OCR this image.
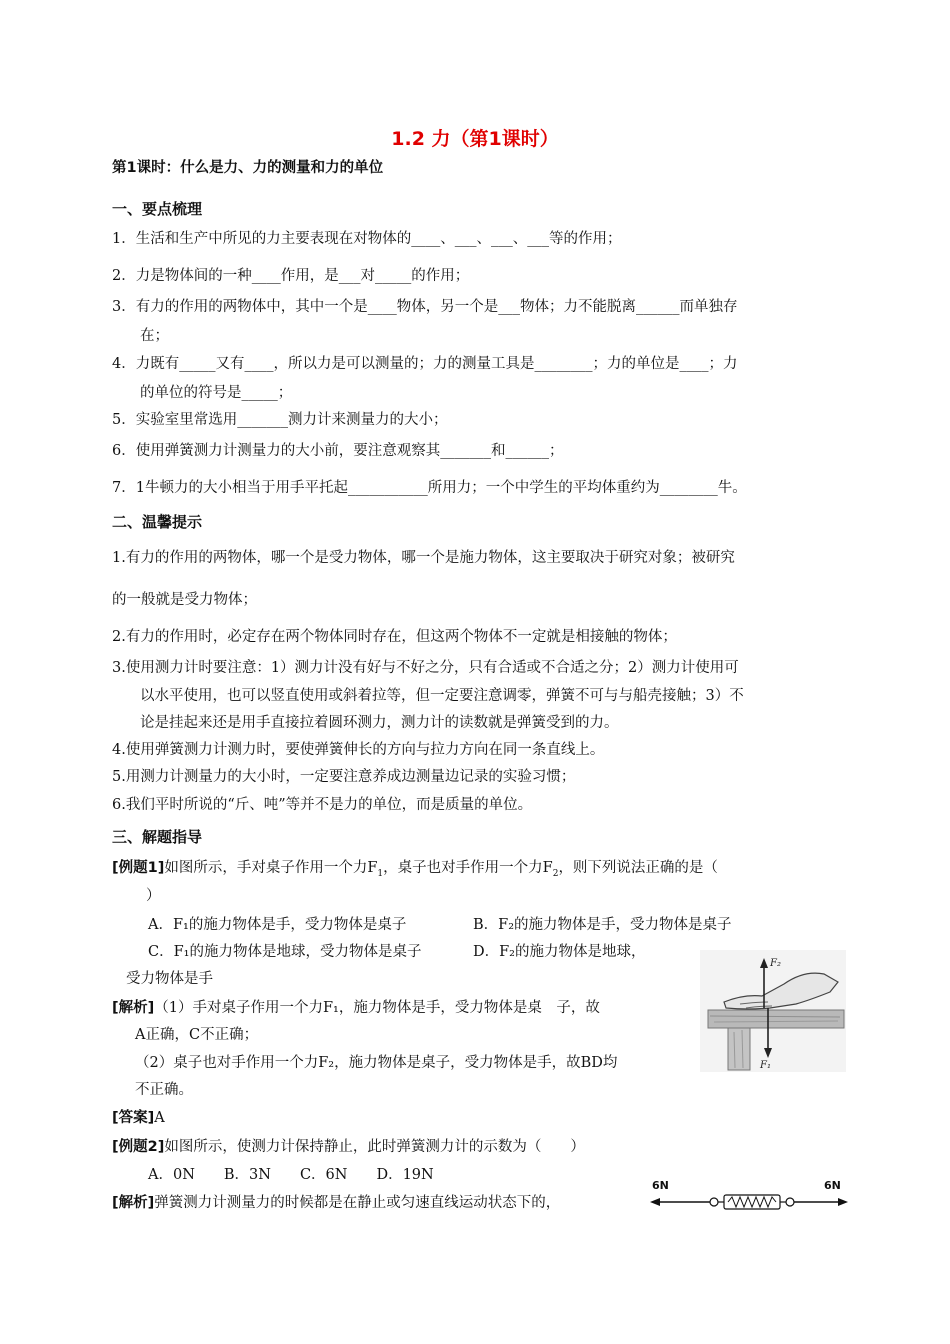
1.2 力（第1课时）
第1课时：什么是力、力的测量和力的单位
一、要点梳理
1．生活和生产中所见的力主要表现在对物体的____、___、___、___等的作用；
2．力是物体间的一种____作用，是___对_____的作用；
3．有力的作用的两物体中，其中一个是____物体，另一个是___物体；力不能脱离______而单独存
在；
4．力既有_____又有____，所以力是可以测量的；力的测量工具是________；力的单位是____；力
的单位的符号是_____；
5．实验室里常选用_______测力计来测量力的大小；
6．使用弹簧测力计测量力的大小前，要注意观察其_______和______；
7．1牛顿力的大小相当于用手平托起___________所用力；一个中学生的平均体重约为________牛。
二、温馨提示
1.有力的作用的两物体，哪一个是受力物体，哪一个是施力物体，这主要取决于研究对象；被研究
的一般就是受力物体；
2.有力的作用时，必定存在两个物体同时存在，但这两个物体不一定就是相接触的物体；
3.使用测力计时要注意：1）测力计没有好与不好之分，只有合适或不合适之分；2）测力计使用可
以水平使用，也可以竖直使用或斜着拉等，但一定要注意调零，弹簧不可与与船壳接触；3）不
论是挂起来还是用手直接拉着圆环测力，测力计的读数就是弹簧受到的力。
4.使用弹簧测力计测力时，要使弹簧伸长的方向与拉力方向在同一条直线上。
5.用测力计测量力的大小时，一定要注意养成边测量边记录的实验习惯；
6.我们平时所说的“斤、吨”等并不是力的单位，而是质量的单位。
三、解题指导
[例题1]如图所示，手对桌子作用一个力$F_1$，桌子也对手作用一个力$F_2$，则下列说法正确的是（
）
A．F₁的施力物体是手，受力物体是桌子	B．F₂的施力物体是手，受力物体是桌子
C．F₁的施力物体是地球，受力物体是桌子	D．F₂的施力物体是地球，
受力物体是手
[解析]（1）手对桌子作用一个力F₁，施力物体是手，受力物体是桌　子，故
A正确，C不正确；
（2）桌子也对手作用一个力F₂，施力物体是桌子，受力物体是手，故BD均
不正确。
[答案]A
F₂
F₁
[例题2]如图所示，使测力计保持静止，此时弹簧测力计的示数为（　　）
A．0N　　B．3N　　C．6N　　D．19N
[解析]弹簧测力计测量力的时候都是在静止或匀速直线运动状态下的，
6N	6N
